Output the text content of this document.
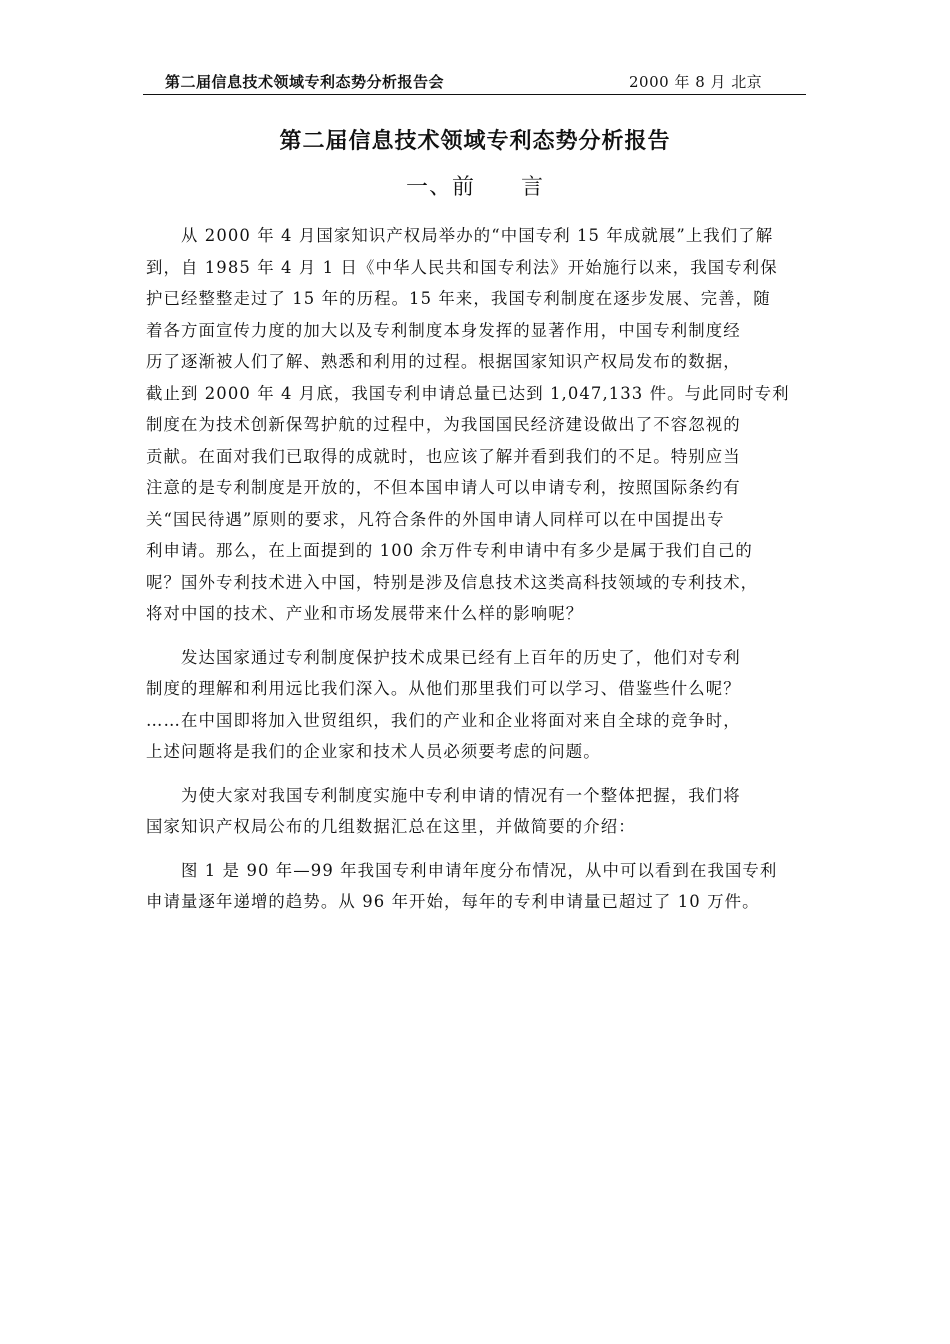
第二届信息技术领域专利态势分析报告会	2000 年 8 月 北京
第二届信息技术领域专利态势分析报告
一、前 言

从 2000 年 4 月国家知识产权局举办的“中国专利 15 年成就展”上我们了解
到，自 1985 年 4 月 1 日《中华人民共和国专利法》开始施行以来，我国专利保
护已经整整走过了 15 年的历程。15 年来，我国专利制度在逐步发展、完善，随
着各方面宣传力度的加大以及专利制度本身发挥的显著作用，中国专利制度经
历了逐渐被人们了解、熟悉和利用的过程。根据国家知识产权局发布的数据，
截止到 2000 年 4 月底，我国专利申请总量已达到 1,047,133 件。与此同时专利
制度在为技术创新保驾护航的过程中，为我国国民经济建设做出了不容忽视的
贡献。在面对我们已取得的成就时，也应该了解并看到我们的不足。特别应当
注意的是专利制度是开放的，不但本国申请人可以申请专利，按照国际条约有
关“国民待遇”原则的要求，凡符合条件的外国申请人同样可以在中国提出专
利申请。那么，在上面提到的 100 余万件专利申请中有多少是属于我们自己的
呢？国外专利技术进入中国，特别是涉及信息技术这类高科技领域的专利技术，
将对中国的技术、产业和市场发展带来什么样的影响呢？

发达国家通过专利制度保护技术成果已经有上百年的历史了，他们对专利
制度的理解和利用远比我们深入。从他们那里我们可以学习、借鉴些什么呢？
……在中国即将加入世贸组织，我们的产业和企业将面对来自全球的竞争时，
上述问题将是我们的企业家和技术人员必须要考虑的问题。

为使大家对我国专利制度实施中专利申请的情况有一个整体把握，我们将
国家知识产权局公布的几组数据汇总在这里，并做简要的介绍：

图 1 是 90 年—99 年我国专利申请年度分布情况，从中可以看到在我国专利
申请量逐年递增的趋势。从 96 年开始，每年的专利申请量已超过了 10 万件。
